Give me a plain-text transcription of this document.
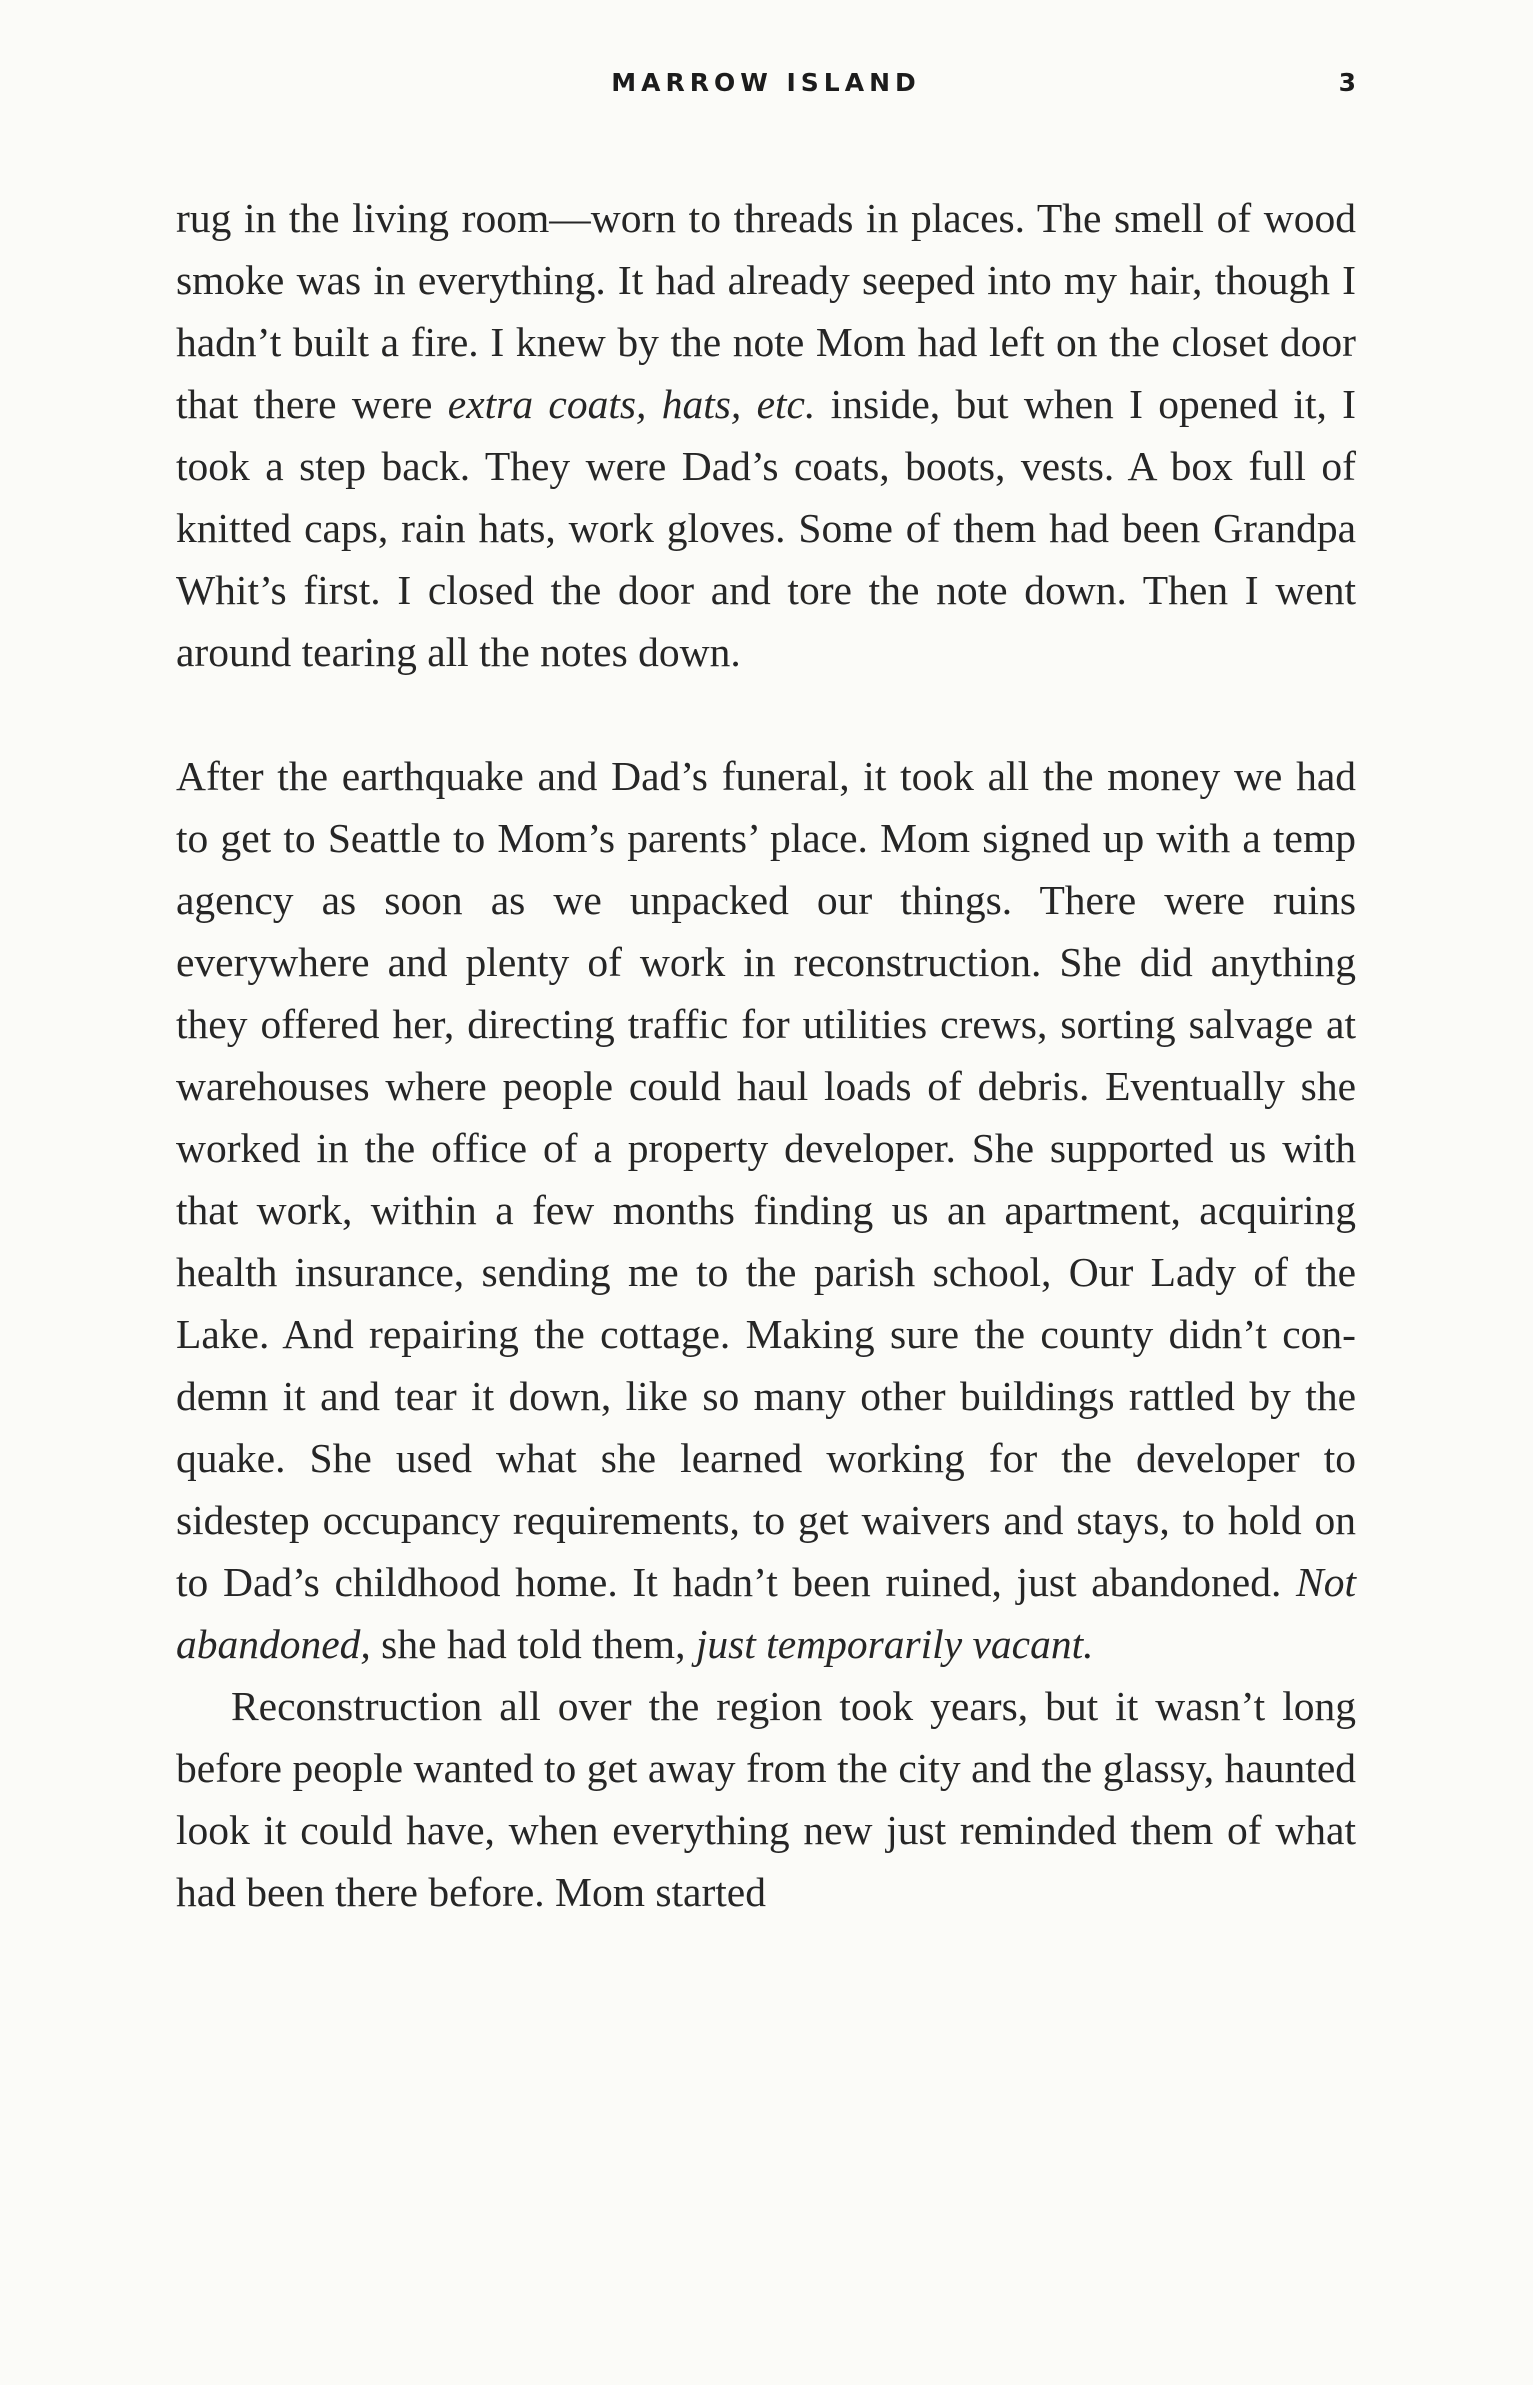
MARROW ISLAND	3

rug in the living room—worn to threads in places. The smell of wood smoke was in everything. It had already seeped into my hair, though I hadn’t built a fire. I knew by the note Mom had left on the closet door that there were extra coats, hats, etc. inside, but when I opened it, I took a step back. They were Dad’s coats, boots, vests. A box full of knitted caps, rain hats, work gloves. Some of them had been Grandpa Whit’s first. I closed the door and tore the note down. Then I went around tearing all the notes down.

After the earthquake and Dad’s funeral, it took all the money we had to get to Seattle to Mom’s parents’ place. Mom signed up with a temp agency as soon as we unpacked our things. There were ruins everywhere and plenty of work in reconstruction. She did anything they offered her, directing traffic for utilities crews, sorting salvage at warehouses where people could haul loads of debris. Eventually she worked in the office of a property developer. She supported us with that work, within a few months finding us an apartment, acquiring health insurance, sending me to the parish school, Our Lady of the Lake. And repairing the cottage. Making sure the county didn’t condemn it and tear it down, like so many other buildings rattled by the quake. She used what she learned working for the developer to sidestep occupancy requirements, to get waivers and stays, to hold on to Dad’s childhood home. It hadn’t been ruined, just abandoned. Not abandoned, she had told them, just temporarily vacant.

Reconstruction all over the region took years, but it wasn’t long before people wanted to get away from the city and the glassy, haunted look it could have, when everything new just reminded them of what had been there before. Mom started
